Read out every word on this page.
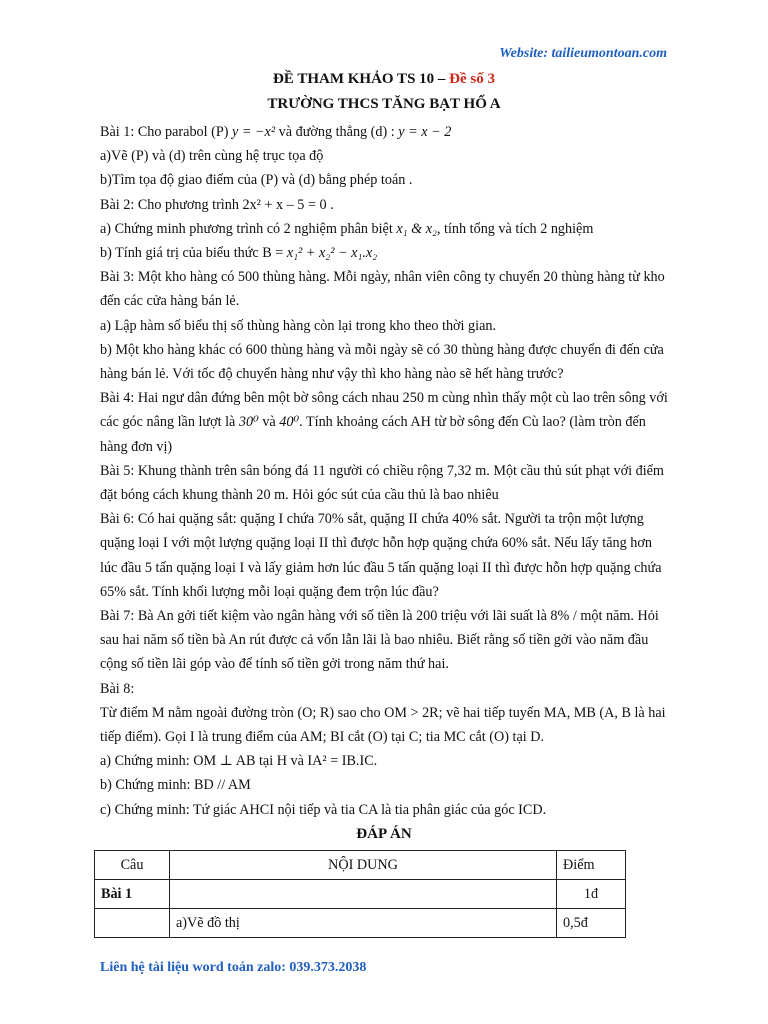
Website: tailieumontoan.com
ĐỀ THAM KHẢO TS 10 – Đề số 3
TRƯỜNG THCS TĂNG BẠT HỔ A

Bài 1: Cho parabol (P) y = −x² và đường thẳng (d) : y = x − 2

a)Vẽ (P) và (d) trên cùng hệ trục tọa độ

b)Tìm tọa độ giao điểm của (P) và (d) bằng phép toán .

Bài 2: Cho phương trình 2x² + x – 5 = 0 .

a) Chứng minh phương trình có 2 nghiệm phân biệt x₁ & x₂, tính tổng và tích 2 nghiệm

b) Tính giá trị của biểu thức B = x₁² + x₂² − x₁.x₂

Bài 3: Một kho hàng có 500 thùng hàng. Mỗi ngày, nhân viên công ty chuyển 20 thùng hàng từ kho đến các cửa hàng bán lẻ.

a) Lập hàm số biểu thị số thùng hàng còn lại trong kho theo thời gian.

b) Một kho hàng khác có 600 thùng hàng và mỗi ngày sẽ có 30 thùng hàng được chuyển đi đến cửa hàng bán lẻ. Với tốc độ chuyển hàng như vậy thì kho hàng nào sẽ hết hàng trước?

Bài 4: Hai ngư dân đứng bên một bờ sông cách nhau 250 m cùng nhìn thấy một cù lao trên sông với các góc nâng lần lượt là 30⁰ và 40⁰. Tính khoảng cách AH từ bờ sông đến Cù lao? (làm tròn đến hàng đơn vị)

Bài 5: Khung thành trên sân bóng đá 11 người có chiều rộng 7,32 m. Một cầu thủ sút phạt với điểm đặt bóng cách khung thành 20 m. Hỏi góc sút của cầu thủ là bao nhiêu

Bài 6: Có hai quặng sắt: quặng I chứa 70% sắt, quặng II chứa 40% sắt. Người ta trộn một lượng quặng loại I với một lượng quặng loại II thì được hỗn hợp quặng chứa 60% sắt. Nếu lấy tăng hơn lúc đầu 5 tấn quặng loại I và lấy giảm hơn lúc đầu 5 tấn quặng loại II thì được hỗn hợp quặng chứa 65% sắt. Tính khối lượng mỗi loại quặng đem trộn lúc đầu?

Bài 7: Bà An gởi tiết kiệm vào ngân hàng với số tiền là 200 triệu với lãi suất là 8% / một năm. Hỏi sau hai năm số tiền bà An rút được cả vốn lẫn lãi là bao nhiêu. Biết rằng số tiền gởi vào năm đầu cộng số tiền lãi góp vào để tính số tiền gởi trong năm thứ hai.

Bài 8:

Từ điểm M nằm ngoài đường tròn (O; R) sao cho OM > 2R; vẽ hai tiếp tuyến MA, MB (A, B là hai tiếp điểm). Gọi I là trung điểm của AM; BI cắt (O) tại C; tia MC cắt (O) tại D.

a) Chứng minh: OM ⊥ AB tại H và IA² = IB.IC.

b) Chứng minh: BD // AM

c) Chứng minh: Tứ giác AHCI nội tiếp và tia CA là tia phân giác của góc ICD.

ĐÁP ÁN
Câu	NỘI DUNG	Điểm
Bài 1		1đ
	a)Vẽ đồ thị	0,5đ
Liên hệ tài liệu word toán zalo: 039.373.2038
